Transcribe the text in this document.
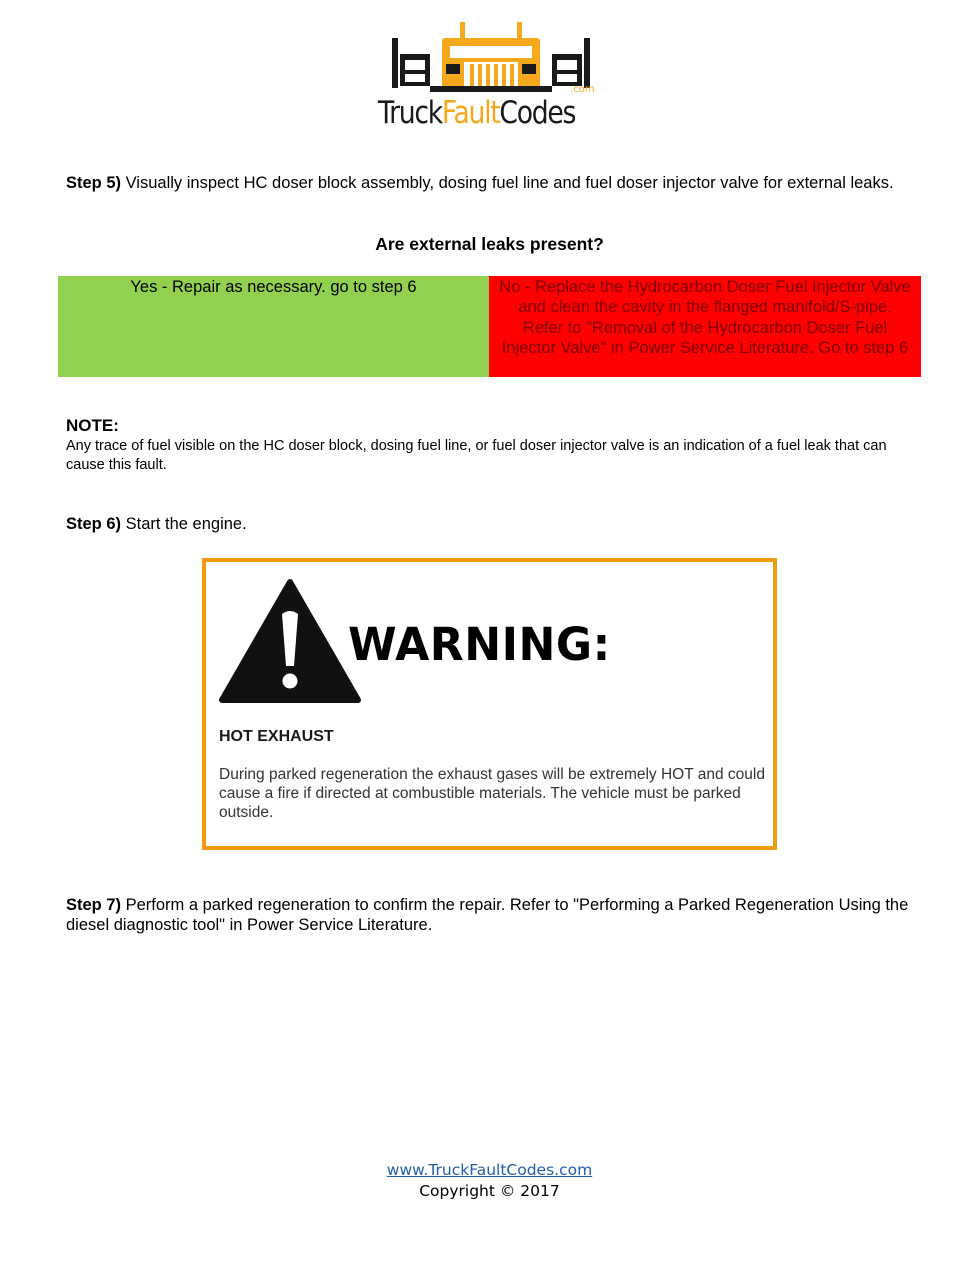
.com
TruckFaultCodes
Step 5) Visually inspect HC doser block assembly, dosing fuel line and fuel doser injector valve for external leaks.
Are external leaks present?
Yes - Repair as necessary. go to step 6	No - Replace the Hydrocarbon Doser Fuel Injector Valve and clean the cavity in the flanged manifold/S-pipe. Refer to "Removal of the Hydrocarbon Doser Fuel Injector Valve" in Power Service Literature. Go to step 6
NOTE:
Any trace of fuel visible on the HC doser block, dosing fuel line, or fuel doser injector valve is an indication of a fuel leak that can cause this fault.
Step 6) Start the engine.
WARNING:
HOT EXHAUST
During parked regeneration the exhaust gases will be extremely HOT and could cause a fire if directed at combustible materials. The vehicle must be parked outside.
Step 7) Perform a parked regeneration to confirm the repair. Refer to "Performing a Parked Regeneration Using the diesel diagnostic tool" in Power Service Literature.
www.TruckFaultCodes.com
Copyright © 2017
